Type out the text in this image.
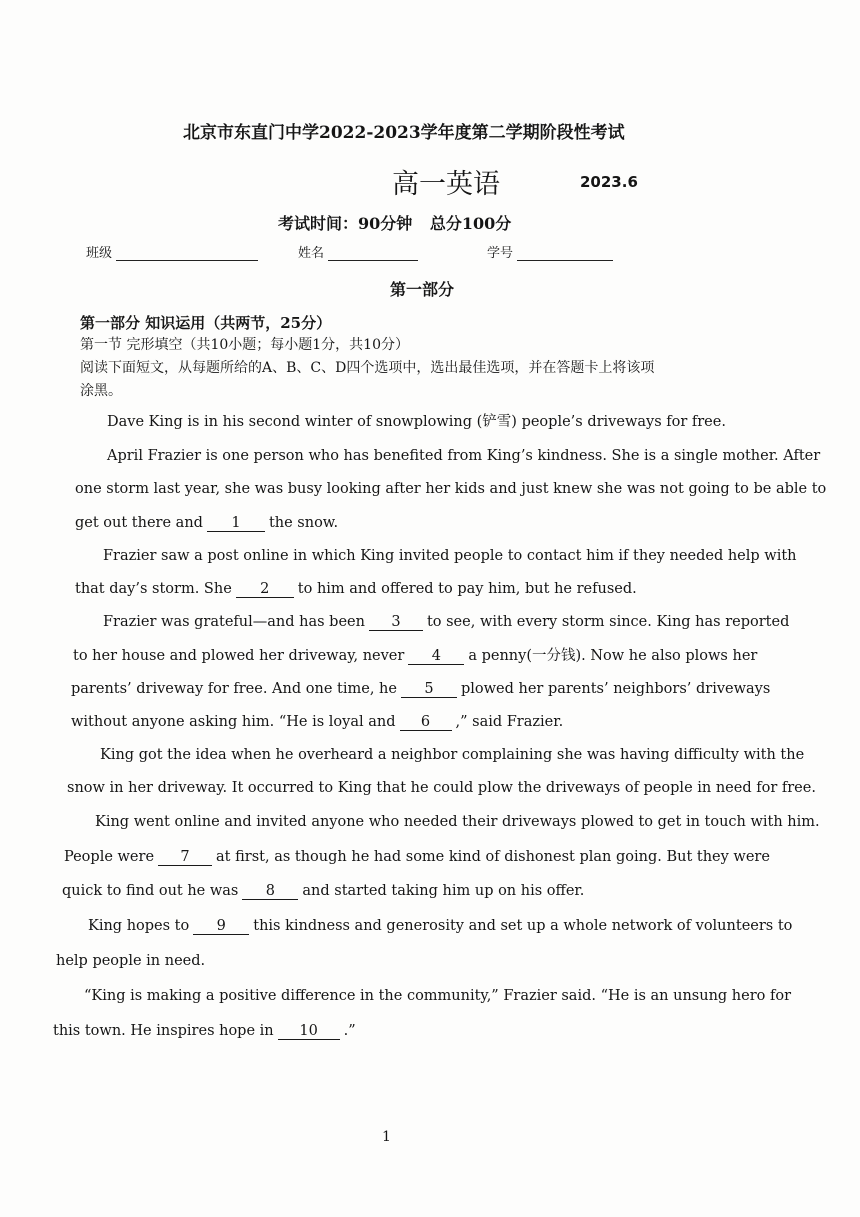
北京市东直门中学2022-2023学年度第二学期阶段性考试
高一英语	2023.6
考试时间：90分钟 总分100分
班级	姓名	学号
第一部分
第一部分 知识运用（共两节，25分）
第一节 完形填空（共10小题；每小题1分，共10分）
阅读下面短文，从每题所给的A、B、C、D四个选项中，选出最佳选项，并在答题卡上将该项
涂黑。
Dave King is in his second winter of snowplowing (铲雪) people’s driveways for free.
April Frazier is one person who has benefited from King’s kindness. She is a single mother. After
one storm last year, she was busy looking after her kids and just knew she was not going to be able to
get out there and 1 the snow.
Frazier saw a post online in which King invited people to contact him if they needed help with
that day’s storm. She 2 to him and offered to pay him, but he refused.
Frazier was grateful—and has been 3 to see, with every storm since. King has reported
to her house and plowed her driveway, never 4 a penny(一分钱). Now he also plows her
parents’ driveway for free. And one time, he 5 plowed her parents’ neighbors’ driveways
without anyone asking him. “He is loyal and 6 ,” said Frazier.
King got the idea when he overheard a neighbor complaining she was having difficulty with the
snow in her driveway. It occurred to King that he could plow the driveways of people in need for free.
King went online and invited anyone who needed their driveways plowed to get in touch with him.
People were 7 at first, as though he had some kind of dishonest plan going. But they were
quick to find out he was 8 and started taking him up on his offer.
King hopes to 9 this kindness and generosity and set up a whole network of volunteers to
help people in need.
“King is making a positive difference in the community,” Frazier said. “He is an unsung hero for
this town. He inspires hope in 10 .”
1
